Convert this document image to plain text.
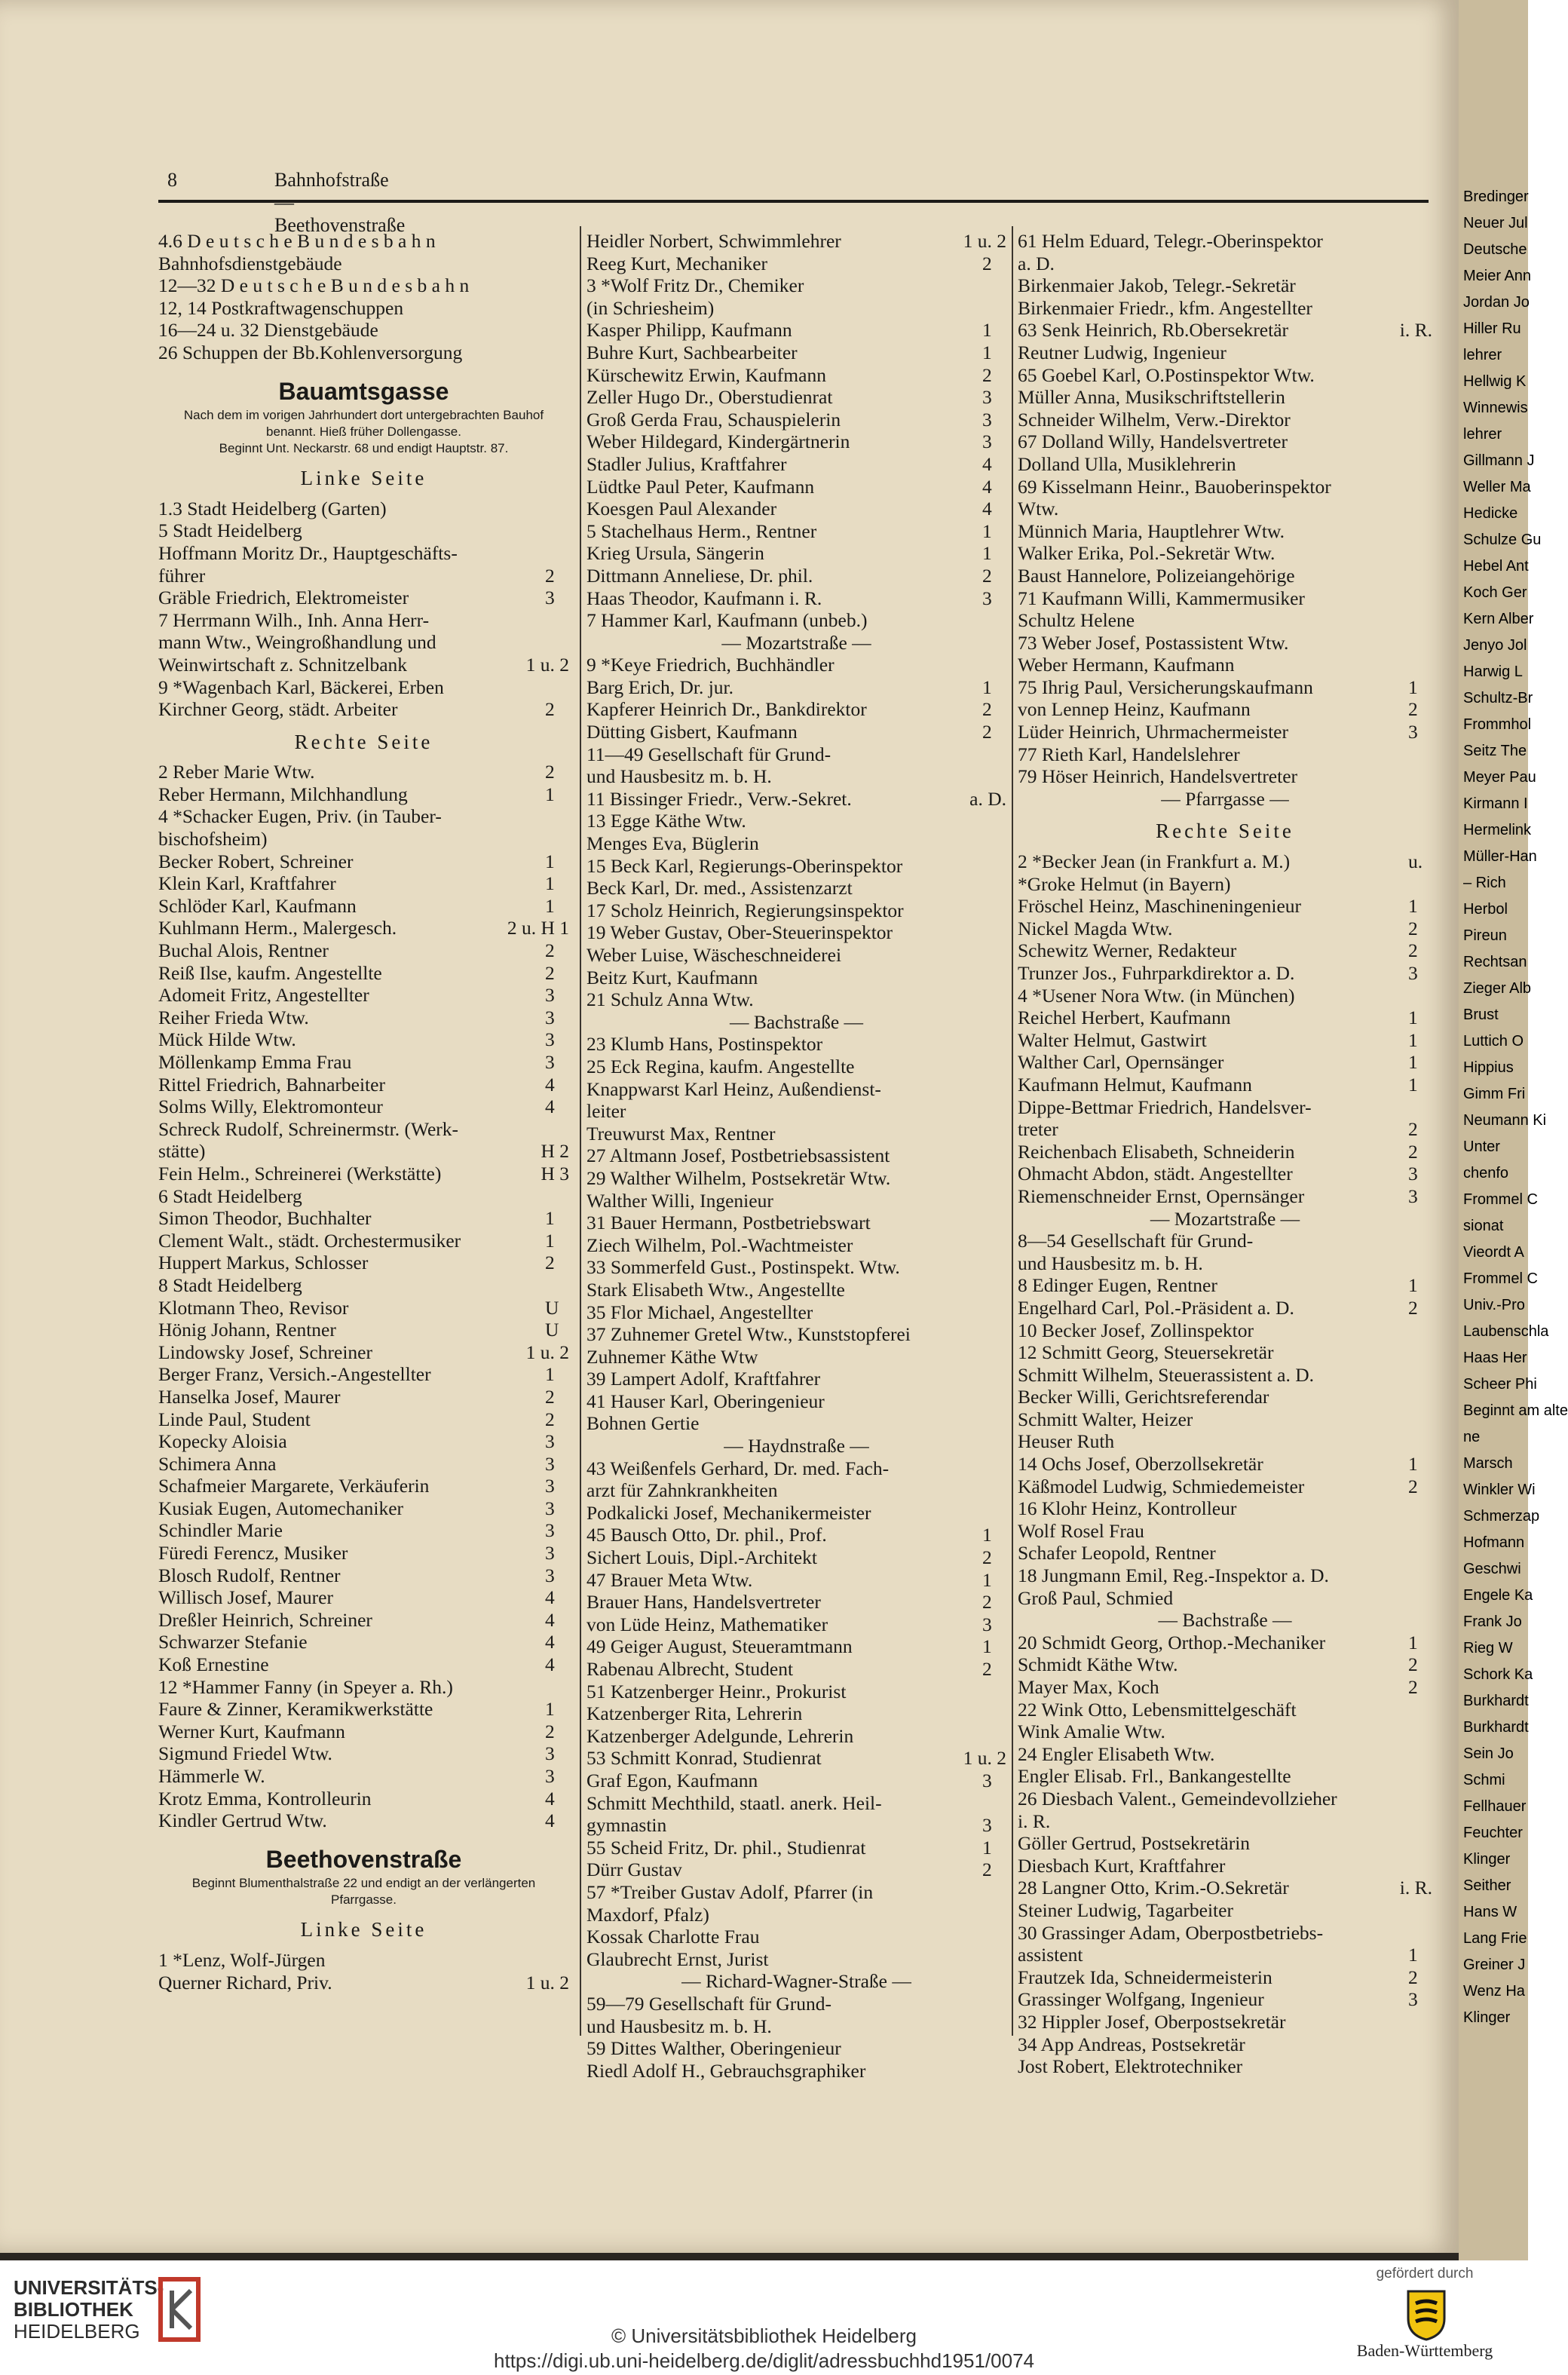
8	Bahnhofstraße — Beethovenstraße
4.6 D e u t s c h e B u n d e s b a h n
Bahnhofsdienstgebäude
12—32 D e u t s c h e B u n d e s b a h n
12, 14 Postkraftwagenschuppen
16—24 u. 32 Dienstgebäude
26 Schuppen der Bb.Kohlenversorgung
Bauamtsgasse
Nach dem im vorigen Jahrhundert dort untergebrachten Bauhof benannt. Hieß früher Dollengasse.
Beginnt Unt. Neckarstr. 68 und endigt Hauptstr. 87.
Linke Seite
1.3 Stadt Heidelberg (Garten)
5 Stadt Heidelberg
Hoffmann Moritz Dr., Hauptgeschäfts-
führer	2
Gräble Friedrich, Elektromeister	3
7 Herrmann Wilh., Inh. Anna Herr-
mann Wtw., Weingroßhandlung und
Weinwirtschaft z. Schnitzelbank	1 u. 2
9 *Wagenbach Karl, Bäckerei, Erben
Kirchner Georg, städt. Arbeiter	2
Rechte Seite
2 Reber Marie Wtw.	2
Reber Hermann, Milchhandlung	1
4 *Schacker Eugen, Priv. (in Tauber-
bischofsheim)
Becker Robert, Schreiner	1
Klein Karl, Kraftfahrer	1
Schlöder Karl, Kaufmann	1
Kuhlmann Herm., Malergesch.	2 u. H 1
Buchal Alois, Rentner	2
Reiß Ilse, kaufm. Angestellte	2
Adomeit Fritz, Angestellter	3
Reiher Frieda Wtw.	3
Mück Hilde Wtw.	3
Möllenkamp Emma Frau	3
Rittel Friedrich, Bahnarbeiter	4
Solms Willy, Elektromonteur	4
Schreck Rudolf, Schreinermstr. (Werk-
stätte)	H 2
Fein Helm., Schreinerei (Werkstätte)	H 3
6 Stadt Heidelberg
Simon Theodor, Buchhalter	1
Clement Walt., städt. Orchestermusiker	1
Huppert Markus, Schlosser	2
8 Stadt Heidelberg
Klotmann Theo, Revisor	U
Hönig Johann, Rentner	U
Lindowsky Josef, Schreiner	1 u. 2
Berger Franz, Versich.-Angestellter	1
Hanselka Josef, Maurer	2
Linde Paul, Student	2
Kopecky Aloisia	3
Schimera Anna	3
Schafmeier Margarete, Verkäuferin	3
Kusiak Eugen, Automechaniker	3
Schindler Marie	3
Füredi Ferencz, Musiker	3
Blosch Rudolf, Rentner	3
Willisch Josef, Maurer	4
Dreßler Heinrich, Schreiner	4
Schwarzer Stefanie	4
Koß Ernestine	4
12 *Hammer Fanny (in Speyer a. Rh.)
Faure & Zinner, Keramikwerkstätte	1
Werner Kurt, Kaufmann	2
Sigmund Friedel Wtw.	3
Hämmerle W.	3
Krotz Emma, Kontrolleurin	4
Kindler Gertrud Wtw.	4
Beethovenstraße
Beginnt Blumenthalstraße 22 und endigt an der verlängerten Pfarrgasse.
Linke Seite
1 *Lenz, Wolf-Jürgen
Querner Richard, Priv.	1 u. 2
Heidler Norbert, Schwimmlehrer	1 u. 2
Reeg Kurt, Mechaniker	2
3 *Wolf Fritz Dr., Chemiker
(in Schriesheim)
Kasper Philipp, Kaufmann	1
Buhre Kurt, Sachbearbeiter	1
Kürschewitz Erwin, Kaufmann	2
Zeller Hugo Dr., Oberstudienrat	3
Groß Gerda Frau, Schauspielerin	3
Weber Hildegard, Kindergärtnerin	3
Stadler Julius, Kraftfahrer	4
Lüdtke Paul Peter, Kaufmann	4
Koesgen Paul Alexander	4
5 Stachelhaus Herm., Rentner	1
Krieg Ursula, Sängerin	1
Dittmann Anneliese, Dr. phil.	2
Haas Theodor, Kaufmann i. R.	3
7 Hammer Karl, Kaufmann (unbeb.)
— Mozartstraße —
9 *Keye Friedrich, Buchhändler
Barg Erich, Dr. jur.	1
Kapferer Heinrich Dr., Bankdirektor	2
Dütting Gisbert, Kaufmann	2
11—49 Gesellschaft für Grund-
und Hausbesitz m. b. H.
11 Bissinger Friedr., Verw.-Sekret.	a. D.
13 Egge Käthe Wtw.
Menges Eva, Büglerin
15 Beck Karl, Regierungs-Oberinspektor
Beck Karl, Dr. med., Assistenzarzt
17 Scholz Heinrich, Regierungsinspektor
19 Weber Gustav, Ober-Steuerinspektor
Weber Luise, Wäscheschneiderei
Beitz Kurt, Kaufmann
21 Schulz Anna Wtw.
— Bachstraße —
23 Klumb Hans, Postinspektor
25 Eck Regina, kaufm. Angestellte
Knappwarst Karl Heinz, Außendienst-
leiter
Treuwurst Max, Rentner
27 Altmann Josef, Postbetriebsassistent
29 Walther Wilhelm, Postsekretär Wtw.
Walther Willi, Ingenieur
31 Bauer Hermann, Postbetriebswart
Ziech Wilhelm, Pol.-Wachtmeister
33 Sommerfeld Gust., Postinspekt. Wtw.
Stark Elisabeth Wtw., Angestellte
35 Flor Michael, Angestellter
37 Zuhnemer Gretel Wtw., Kunststopferei
Zuhnemer Käthe Wtw
39 Lampert Adolf, Kraftfahrer
41 Hauser Karl, Oberingenieur
Bohnen Gertie
— Haydnstraße —
43 Weißenfels Gerhard, Dr. med. Fach-
arzt für Zahnkrankheiten
Podkalicki Josef, Mechanikermeister
45 Bausch Otto, Dr. phil., Prof.	1
Sichert Louis, Dipl.-Architekt	2
47 Brauer Meta Wtw.	1
Brauer Hans, Handelsvertreter	2
von Lüde Heinz, Mathematiker	3
49 Geiger August, Steueramtmann	1
Rabenau Albrecht, Student	2
51 Katzenberger Heinr., Prokurist
Katzenberger Rita, Lehrerin
Katzenberger Adelgunde, Lehrerin
53 Schmitt Konrad, Studienrat	1 u. 2
Graf Egon, Kaufmann	3
Schmitt Mechthild, staatl. anerk. Heil-
gymnastin	3
55 Scheid Fritz, Dr. phil., Studienrat	1
Dürr Gustav	2
57 *Treiber Gustav Adolf, Pfarrer (in
Maxdorf, Pfalz)
Kossak Charlotte Frau
Glaubrecht Ernst, Jurist
— Richard-Wagner-Straße —
59—79 Gesellschaft für Grund-
und Hausbesitz m. b. H.
59 Dittes Walther, Oberingenieur
Riedl Adolf H., Gebrauchsgraphiker
61 Helm Eduard, Telegr.-Oberinspektor
a. D.
Birkenmaier Jakob, Telegr.-Sekretär
Birkenmaier Friedr., kfm. Angestellter
63 Senk Heinrich, Rb.Obersekretär	i. R.
Reutner Ludwig, Ingenieur
65 Goebel Karl, O.Postinspektor Wtw.
Müller Anna, Musikschriftstellerin
Schneider Wilhelm, Verw.-Direktor
67 Dolland Willy, Handelsvertreter
Dolland Ulla, Musiklehrerin
69 Kisselmann Heinr., Bauoberinspektor
Wtw.
Münnich Maria, Hauptlehrer Wtw.
Walker Erika, Pol.-Sekretär Wtw.
Baust Hannelore, Polizeiangehörige
71 Kaufmann Willi, Kammermusiker
Schultz Helene
73 Weber Josef, Postassistent Wtw.
Weber Hermann, Kaufmann
75 Ihrig Paul, Versicherungskaufmann	1
von Lennep Heinz, Kaufmann	2
Lüder Heinrich, Uhrmachermeister	3
77 Rieth Karl, Handelslehrer
79 Höser Heinrich, Handelsvertreter
— Pfarrgasse —
Rechte Seite
2 *Becker Jean (in Frankfurt a. M.)	u.
*Groke Helmut (in Bayern)
Fröschel Heinz, Maschineningenieur	1
Nickel Magda Wtw.	2
Schewitz Werner, Redakteur	2
Trunzer Jos., Fuhrparkdirektor a. D.	3
4 *Usener Nora Wtw. (in München)
Reichel Herbert, Kaufmann	1
Walter Helmut, Gastwirt	1
Walther Carl, Opernsänger	1
Kaufmann Helmut, Kaufmann	1
Dippe-Bettmar Friedrich, Handelsver-
treter	2
Reichenbach Elisabeth, Schneiderin	2
Ohmacht Abdon, städt. Angestellter	3
Riemenschneider Ernst, Opernsänger	3
— Mozartstraße —
8—54 Gesellschaft für Grund-
und Hausbesitz m. b. H.
8 Edinger Eugen, Rentner	1
Engelhard Carl, Pol.-Präsident a. D.	2
10 Becker Josef, Zollinspektor
12 Schmitt Georg, Steuersekretär
Schmitt Wilhelm, Steuerassistent a. D.
Becker Willi, Gerichtsreferendar
Schmitt Walter, Heizer
Heuser Ruth
14 Ochs Josef, Oberzollsekretär	1
Käßmodel Ludwig, Schmiedemeister	2
16 Klohr Heinz, Kontrolleur
Wolf Rosel Frau
Schafer Leopold, Rentner
18 Jungmann Emil, Reg.-Inspektor a. D.
Groß Paul, Schmied
— Bachstraße —
20 Schmidt Georg, Orthop.-Mechaniker	1
Schmidt Käthe Wtw.	2
Mayer Max, Koch	2
22 Wink Otto, Lebensmittelgeschäft
Wink Amalie Wtw.
24 Engler Elisabeth Wtw.
Engler Elisab. Frl., Bankangestellte
26 Diesbach Valent., Gemeindevollzieher
i. R.
Göller Gertrud, Postsekretärin
Diesbach Kurt, Kraftfahrer
28 Langner Otto, Krim.-O.Sekretär	i. R.
Steiner Ludwig, Tagarbeiter
30 Grassinger Adam, Oberpostbetriebs-
assistent	1
Frautzek Ida, Schneidermeisterin	2
Grassinger Wolfgang, Ingenieur	3
32 Hippler Josef, Oberpostsekretär
34 App Andreas, Postsekretär
Jost Robert, Elektrotechniker
Bredinger
Neuer Jul
Deutsche
Meier Ann
Jordan Jo
Hiller Ru
lehrer
Hellwig K
Winnewis
lehrer
Gillmann J
Weller Ma
Hedicke
Schulze Gu
Hebel Ant
Koch Ger
Kern Alber
Jenyo Jol
Harwig L
Schultz-Br
Frommhol
Seitz The
Meyer Pau
Kirmann I
Hermelink
Müller-Han
– Rich
Herbol
Pireun
Rechtsan
Zieger Alb
Brust
Luttich O
Hippius
Gimm Fri
Neumann Ki
Unter
chenfo
Frommel C
sionat
Vieordt A
Frommel C
Univ.-Pro
Laubenschla
Haas Her
Scheer Phi
Beginnt am alte
ne
Marsch
Winkler Wi
Schmerzap
Hofmann
Geschwi
Engele Ka
Frank Jo
Rieg W
Schork Ka
Burkhardt
Burkhardt
Sein Jo
Schmi
Fellhauer
Feuchter
Klinger
Seither
Hans W
Lang Frie
Greiner J
Wenz Ha
Klinger
UNIVERSITÄTS-
BIBLIOTHEK
HEIDELBERG	© Universitätsbibliothek Heidelberg
https://digi.ub.uni-heidelberg.de/diglit/adressbuchhd1951/0074
gefördert durch
Baden-Württemberg
